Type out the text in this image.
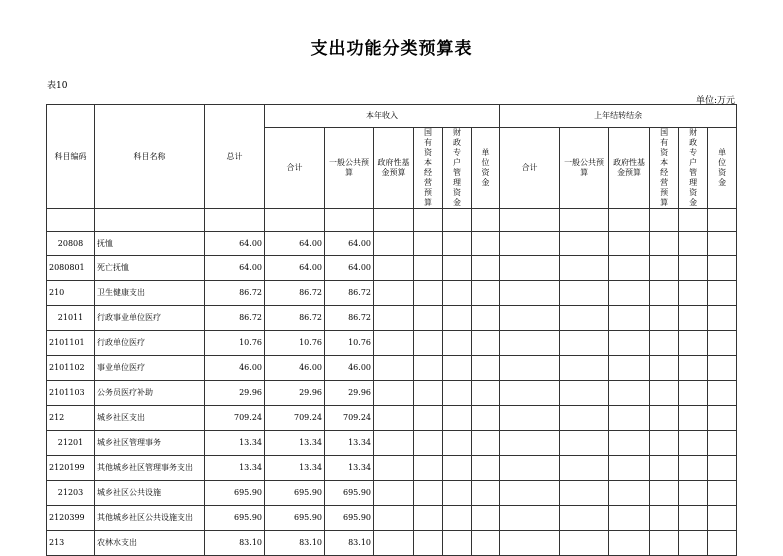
支出功能分类预算表
表10
单位:万元
科目编码	科目名称	总计	本年收入						上年结转结余					
			合计	一般公共预算	政府性基金预算	国有资本经营预算	财政专户管理资金	单位资金	合计	一般公共预算	政府性基金预算	国有资本经营预算	财政专户管理资金	单位资金

20808	抚恤	64.00	64.00	64.00										
2080801	死亡抚恤	64.00	64.00	64.00										
210	卫生健康支出	86.72	86.72	86.72										
21011	行政事业单位医疗	86.72	86.72	86.72										
2101101	行政单位医疗	10.76	10.76	10.76										
2101102	事业单位医疗	46.00	46.00	46.00										
2101103	公务员医疗补助	29.96	29.96	29.96										
212	城乡社区支出	709.24	709.24	709.24										
21201	城乡社区管理事务	13.34	13.34	13.34										
2120199	其他城乡社区管理事务支出	13.34	13.34	13.34										
21203	城乡社区公共设施	695.90	695.90	695.90										
2120399	其他城乡社区公共设施支出	695.90	695.90	695.90										
213	农林水支出	83.10	83.10	83.10										
